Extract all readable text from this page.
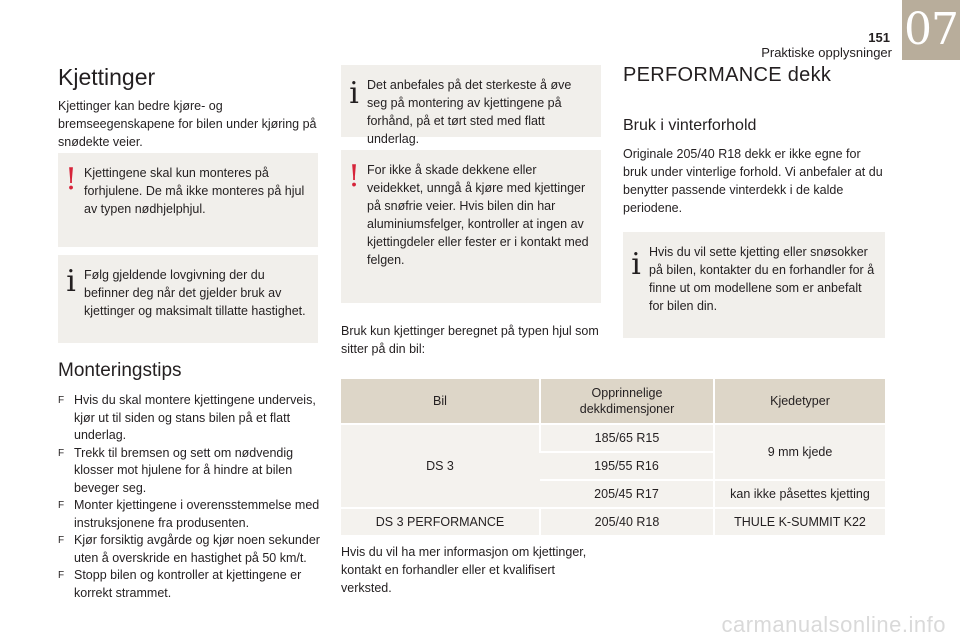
151
Praktiske opplysninger 07
Kjettinger

Kjettinger kan bedre kjøre- og bremseegenskapene for bilen under kjøring på snødekte veier.

! Kjettingene skal kun monteres på forhjulene. De må ikke monteres på hjul av typen nødhjelphjul.
i Følg gjeldende lovgivning der du befinner deg når det gjelder bruk av kjettinger og maksimalt tillatte hastighet.
Monteringstips
F Hvis du skal montere kjettingene underveis, kjør ut til siden og stans bilen på et flatt underlag.
F Trekk til bremsen og sett om nødvendig klosser mot hjulene for å hindre at bilen beveger seg.
F Monter kjettingene i overensstemmelse med instruksjonene fra produsenten.
F Kjør forsiktig avgårde og kjør noen sekunder uten å overskride en hastighet på 50 km/t.
F Stopp bilen og kontroller at kjettingene er korrekt strammet.
i Det anbefales på det sterkeste å øve seg på montering av kjettingene på forhånd, på et tørt sted med flatt underlag.
! For ikke å skade dekkene eller veidekket, unngå å kjøre med kjettinger på snøfrie veier. Hvis bilen din har aluminiumsfelger, kontroller at ingen av kjettingdeler eller fester er i kontakt med felgen.

Bruk kun kjettinger beregnet på typen hjul som sitter på din bil:

Bil	Opprinnelige dekkdimensjoner	Kjedetyper
DS 3	185/65 R15	9 mm kjede
	195/55 R16	
	205/45 R17	kan ikke påsettes kjetting
DS 3 PERFORMANCE	205/40 R18	THULE K-SUMMIT K22

Hvis du vil ha mer informasjon om kjettinger, kontakt en forhandler eller et kvalifisert verksted.

PERFORMANCE dekk
Bruk i vinterforhold

Originale 205/40 R18 dekk er ikke egne for bruk under vinterlige forhold. Vi anbefaler at du benytter passende vinterdekk i de kalde periodene.

i Hvis du vil sette kjetting eller snøsokker på bilen, kontakter du en forhandler for å finne ut om modellene som er anbefalt for bilen din.
carmanualsonline.info
